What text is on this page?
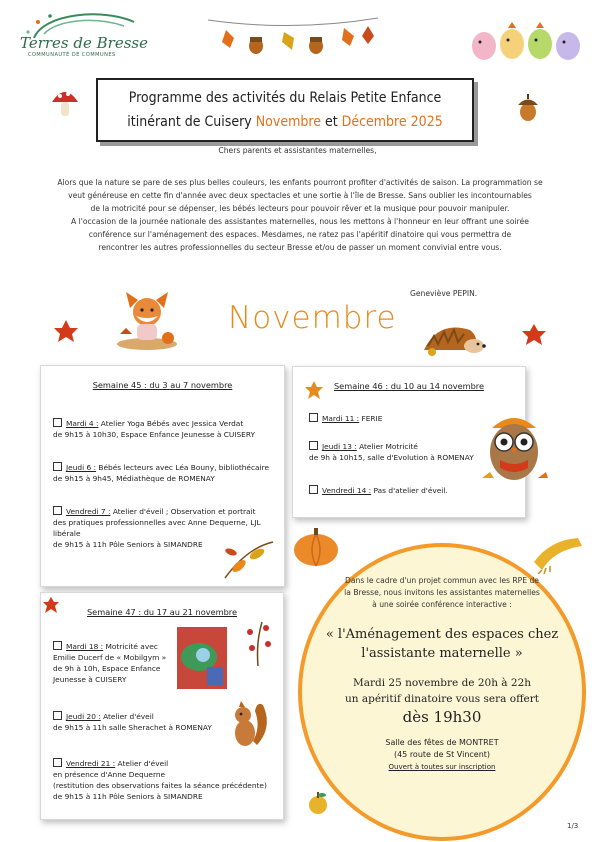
Terres de Bresse
COMMUNAUTÉ DE COMMUNES
Programme des activités du Relais Petite Enfance
itinérant de Cuisery Novembre et Décembre 2025
Chers parents et assistantes maternelles,
Alors que la nature se pare de ses plus belles couleurs, les enfants pourront profiter d'activités de saison. La programmation se
veut généreuse en cette fin d'année avec deux spectacles et une sortie à l'île de Bresse. Sans oublier les incontournables
de la motricité pour se dépenser, les bébés lecteurs pour pouvoir rêver et la musique pour pouvoir manipuler.
A l'occasion de la journée nationale des assistantes maternelles, nous les mettons à l'honneur en leur offrant une soirée
conférence sur l'aménagement des espaces. Mesdames, ne ratez pas l'apéritif dinatoire qui vous permettra de
rencontrer les autres professionnelles du secteur Bresse et/ou de passer un moment convivial entre vous.
Geneviève PEPIN.
Novembre
Semaine 45 : du 3 au 7 novembre

Mardi 4 : Atelier Yoga Bébés avec Jessica Verdat

de 9h15 à 10h30, Espace Enfance Jeunesse à CUISERY

Jeudi 6 : Bébés lecteurs avec Léa Bouny, bibliothécaire

de 9h15 à 9h45, Médiathèque de ROMENAY

Vendredi 7 : Atelier d'éveil ; Observation et portrait

des pratiques professionnelles avec Anne Dequerne, LJL

libérale

de 9h15 à 11h Pôle Seniors à SIMANDRE

Semaine 46 : du 10 au 14 novembre

Mardi 11 : FERIE

Jeudi 13 : Atelier Motricité

de 9h à 10h15, salle d'Evolution à ROMENAY

Vendredi 14 : Pas d'atelier d'éveil.

Semaine 47 : du 17 au 21 novembre

Mardi 18 : Motricité avec

Emilie Ducerf de « Mobilgym »

de 9h à 10h, Espace Enfance

Jeunesse à CUISERY

Jeudi 20 : Atelier d'éveil

de 9h15 à 11h salle Sherachet à ROMENAY

Vendredi 21 : Atelier d'éveil

en présence d'Anne Dequerne

(restitution des observations faites la séance précédente)

de 9h15 à 11h Pôle Seniors à SIMANDRE

Dans le cadre d'un projet commun avec les RPE de la Bresse, nous invitons les assistantes maternelles à une soirée conférence interactive :
« l'Aménagement des espaces chez
l'assistante maternelle »
Mardi 25 novembre de 20h à 22h
un apéritif dinatoire vous sera offert
dès 19h30
Salle des fêtes de MONTRET
(45 route de St Vincent)
Ouvert à toutes sur inscription
1/3
